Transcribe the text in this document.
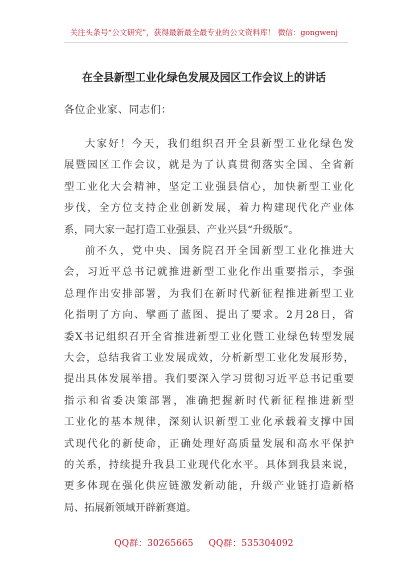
关注头条号“公文研究”，获得最新最全最专业的公文资料库！ 微信：gongwenj
在全县新型工业化绿色发展及园区工作会议上的讲话
各位企业家、同志们：
大家好！今天，我们组织召开全县新型工业化绿色发
展暨园区工作会议，就是为了认真贯彻落实全国、全省新
型工业化大会精神，坚定工业强县信心，加快新型工业化
步伐，全方位支持企业创新发展，着力构建现代化产业体
系，同大家一起打造工业强县、产业兴县“升级版”。
前不久，党中央、国务院召开全国新型工业化推进大
会，习近平总书记就推进新型工业化作出重要指示，李强
总理作出安排部署，为我们在新时代新征程推进新型工业
化指明了方向、擘画了蓝图、提出了要求。2月28日，省
委X书记组织召开全省推进新型工业化暨工业绿色转型发展
大会，总结我省工业发展成效，分析新型工业化发展形势，
提出具体发展举措。我们要深入学习贯彻习近平总书记重要
指示和省委决策部署，准确把握新时代新征程推进新型
工业化的基本规律，深刻认识新型工业化承载着支撑中国
式现代化的新使命，正确处理好高质量发展和高水平保护
的关系，持续提升我县工业现代化水平。具体到我县来说，
更多体现在强化供应链激发新动能，升级产业链打造新格
局、拓展新领域开辟新赛道。
QQ群：30265665 QQ群：535304092
